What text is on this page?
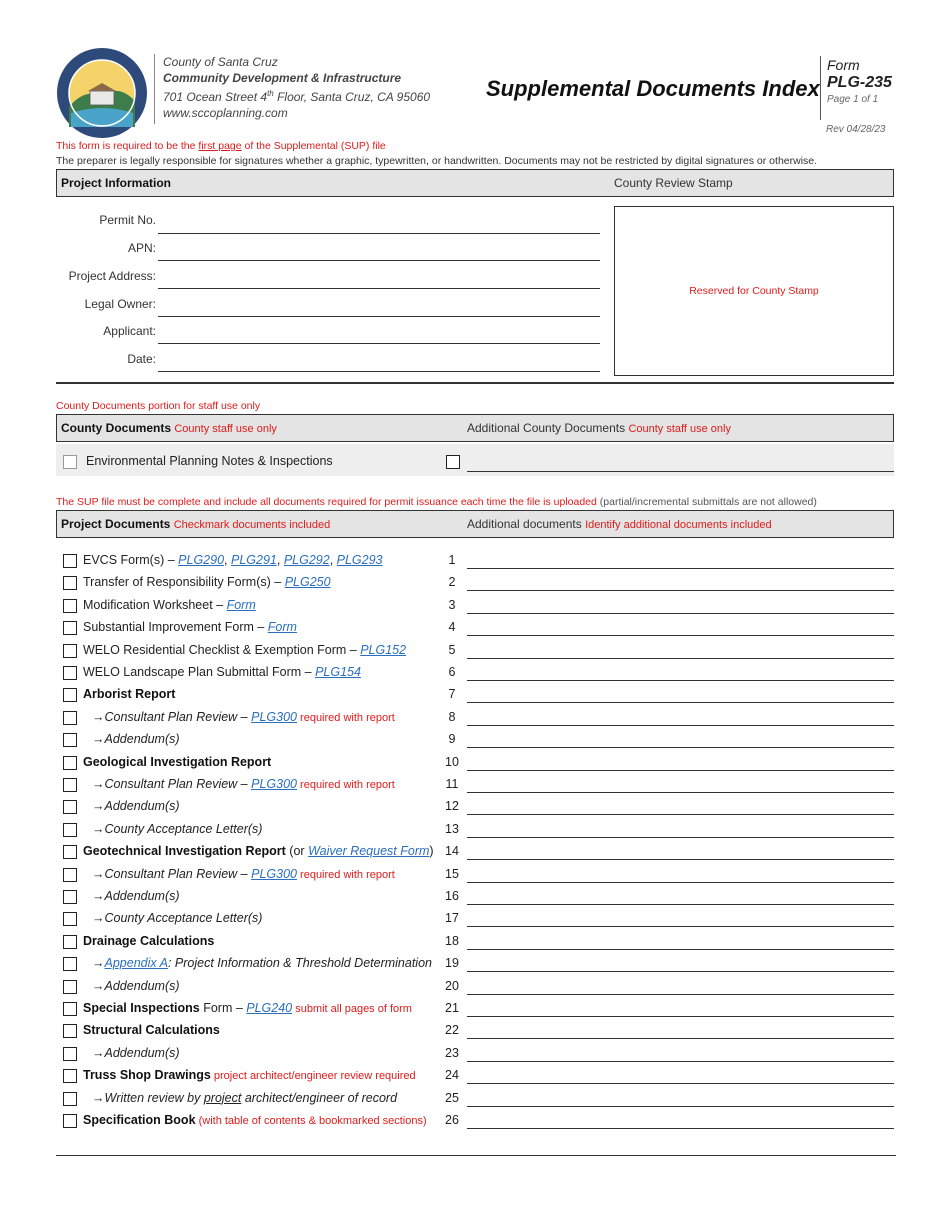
County of Santa Cruz
Community Development & Infrastructure
701 Ocean Street 4th Floor, Santa Cruz, CA 95060
www.sccoplanning.com
Supplemental Documents Index
Form
PLG-235
Page 1 of 1
Rev 04/28/23
This form is required to be the first page of the Supplemental (SUP) file
The preparer is legally responsible for signatures whether a graphic, typewritten, or handwritten. Documents may not be restricted by digital signatures or otherwise.
Project Information	County Review Stamp
Permit No.
APN:
Project Address:
Legal Owner:
Applicant:
Date:
Reserved for County Stamp
County Documents portion for staff use only
County Documents County staff use only	Additional County Documents County staff use only
Environmental Planning Notes & Inspections
The SUP file must be complete and include all documents required for permit issuance each time the file is uploaded (partial/incremental submittals are not allowed)
Project Documents Checkmark documents included	Additional documents Identify additional documents included
EVCS Form(s) – PLG290, PLG291, PLG292, PLG293	1
Transfer of Responsibility Form(s) – PLG250	2
Modification Worksheet – Form	3
Substantial Improvement Form – Form	4
WELO Residential Checklist & Exemption Form – PLG152	5
WELO Landscape Plan Submittal Form – PLG154	6
Arborist Report	7
→Consultant Plan Review – PLG300 required with report	8
→Addendum(s)	9
Geological Investigation Report	10
→Consultant Plan Review – PLG300 required with report	11
→Addendum(s)	12
→County Acceptance Letter(s)	13
Geotechnical Investigation Report (or Waiver Request Form) 14
→Consultant Plan Review – PLG300 required with report	15
→Addendum(s)	16
→County Acceptance Letter(s)	17
Drainage Calculations	18
→Appendix A: Project Information & Threshold Determination	19
→Addendum(s)	20
Special Inspections Form – PLG240 submit all pages of form	21
Structural Calculations	22
→Addendum(s)	23
Truss Shop Drawings project architect/engineer review required	24
→Written review by project architect/engineer of record	25
Specification Book (with table of contents & bookmarked sections)	26
